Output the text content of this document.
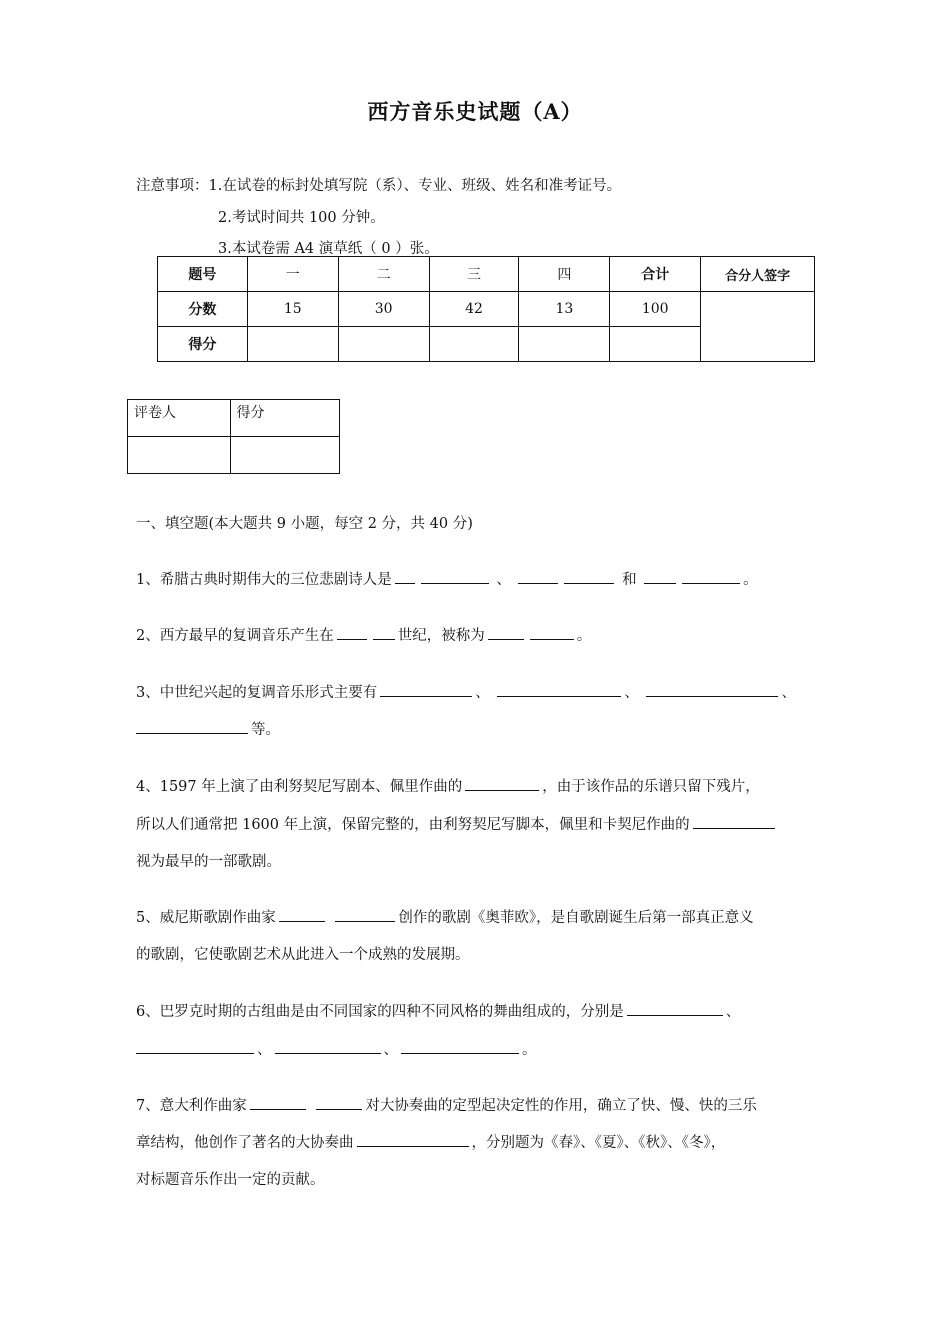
西方音乐史试题（A）
注意事项：1.在试卷的标封处填写院（系）、专业、班级、姓名和准考证号。
2.考试时间共 100 分钟。
3.本试卷需 A4 演草纸（ 0 ）张。
题号	一	二	三	四	合计	合分人签字
分数	15	30	42	13	100	
得分						
评卷人	得分

一、填空题(本大题共 9 小题，每空 2 分，共 40 分)
1、希腊古典时期伟大的三位悲剧诗人是	、	和	。
2、西方最早的复调音乐产生在	世纪，被称为	。
3、中世纪兴起的复调音乐形式主要有	、	、	、
等。
4、1597 年上演了由利努契尼写剧本、佩里作曲的	，由于该作品的乐谱只留下残片，
所以人们通常把 1600 年上演，保留完整的，由利努契尼写脚本，佩里和卡契尼作曲的
视为最早的一部歌剧。
5、威尼斯歌剧作曲家	创作的歌剧《奥菲欧》，是自歌剧诞生后第一部真正意义
的歌剧，它使歌剧艺术从此进入一个成熟的发展期。
6、巴罗克时期的古组曲是由不同国家的四种不同风格的舞曲组成的，分别是	、
、	、	。
7、意大利作曲家	对大协奏曲的定型起决定性的作用，确立了快、慢、快的三乐
章结构，他创作了著名的大协奏曲	，分别题为《春》、《夏》、《秋》、《冬》，
对标题音乐作出一定的贡献。
